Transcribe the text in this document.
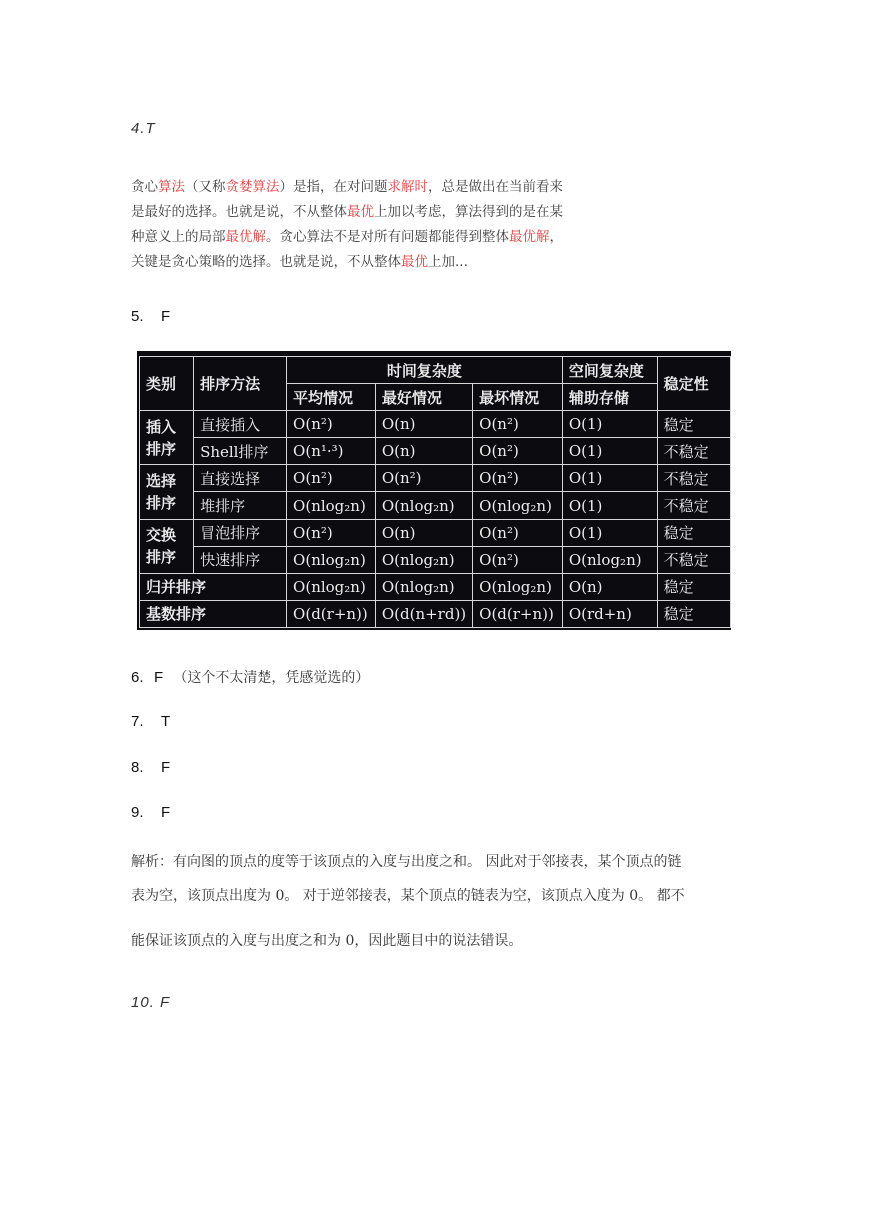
4.T
贪心算法（又称贪婪算法）是指，在对问题求解时，总是做出在当前看来
是最好的选择。也就是说，不从整体最优上加以考虑，算法得到的是在某
种意义上的局部最优解。贪心算法不是对所有问题都能得到整体最优解，
关键是贪心策略的选择。也就是说，不从整体最优上加...
5. F
类别	排序方法	时间复杂度			空间复杂度	稳定性
		平均情况	最好情况	最坏情况	辅助存储	
插入
排序	直接插入	O(n²)	O(n)	O(n²)	O(1)	稳定
	Shell排序	O(n¹·³)	O(n)	O(n²)	O(1)	不稳定
选择
排序	直接选择	O(n²)	O(n²)	O(n²)	O(1)	不稳定
	堆排序	O(nlog₂n)	O(nlog₂n)	O(nlog₂n)	O(1)	不稳定
交换
排序	冒泡排序	O(n²)	O(n)	O(n²)	O(1)	稳定
	快速排序	O(nlog₂n)	O(nlog₂n)	O(n²)	O(nlog₂n)	不稳定
归并排序		O(nlog₂n)	O(nlog₂n)	O(nlog₂n)	O(n)	稳定
基数排序		O(d(r+n))	O(d(n+rd))	O(d(r+n))	O(rd+n)	稳定
6. F （这个不太清楚，凭感觉选的）
7. T
8. F
9. F
解析：有向图的顶点的度等于该顶点的入度与出度之和。 因此对于邻接表，某个顶点的链
表为空，该顶点出度为 0。 对于逆邻接表，某个顶点的链表为空，该顶点入度为 0。 都不
能保证该顶点的入度与出度之和为 0，因此题目中的说法错误。
10. F
